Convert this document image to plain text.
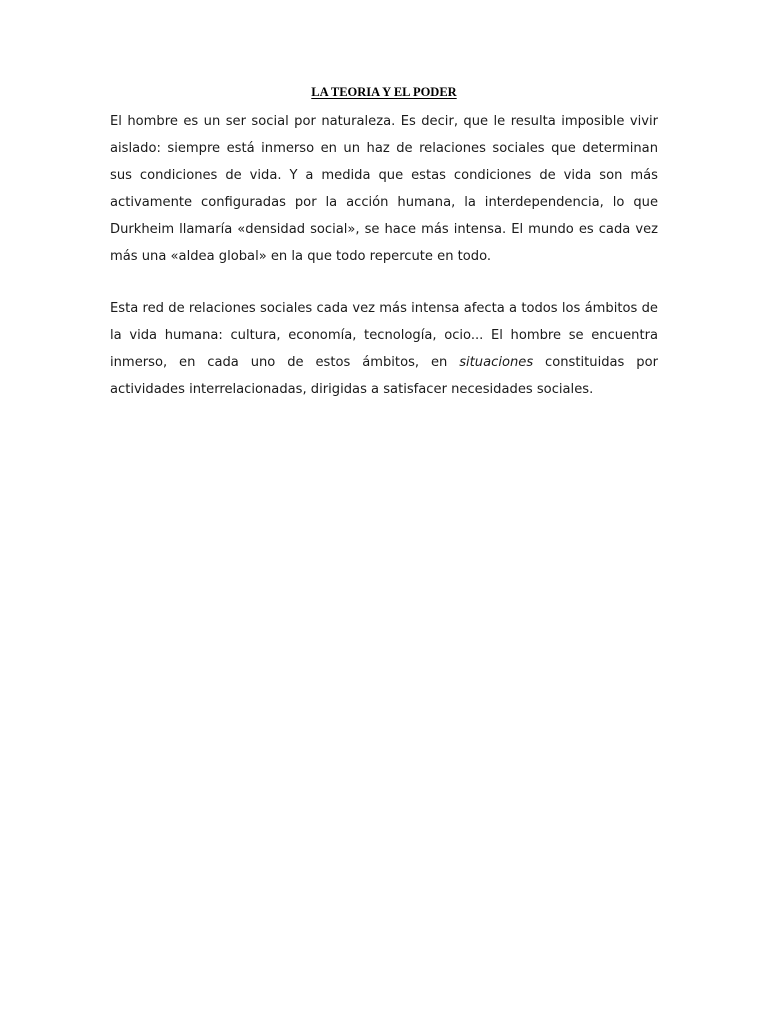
LA TEORIA Y EL PODER

El hombre es un ser social por naturaleza. Es decir, que le resulta imposible vivir aislado: siempre está inmerso en un haz de relaciones sociales que determinan sus condiciones de vida. Y a medida que estas condiciones de vida son más activamente configuradas por la acción humana, la interdependencia, lo que Durkheim llamaría «densidad social», se hace más intensa. El mundo es cada vez más una «aldea global» en la que todo repercute en todo.

Esta red de relaciones sociales cada vez más intensa afecta a todos los ámbitos de la vida humana: cultura, economía, tecnología, ocio... El hombre se encuentra inmerso, en cada uno de estos ámbitos, en situaciones constituidas por actividades interrelacionadas, dirigidas a satisfacer necesidades sociales.
